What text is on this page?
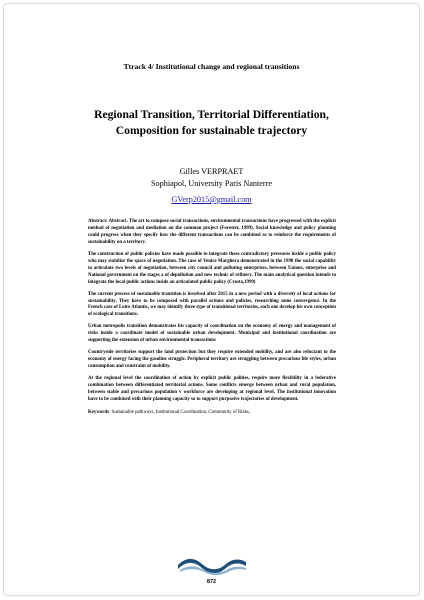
Ttrack 4/ Institutional change and regional transitions
Regional Transition, Territorial Differentiation,
Composition for sustainable trajectory
Gilles VERPRAET
Sophiapol, University Paris Nanterre
GVerp2015@gmail.com

Abstract: Abstract. The art to compose social transactions, environmental transactions have progressed with the explicit method of negotiation and mediation on the common project (Forester, 1999). Social knowledge and policy planning could progress when they specify how the different transactions can be combined so to reinforce the requirements of sustainability on a territory.

The construction of public policies have made possible to integrate these contradictory pressures inside a public policy who may stabilize the space of negotiation. The case of Venice Marghera demonstrated in the 1990 the social capability to articulate two levels of negotiation, between city council and polluting enterprises, between Unions, enterprise and National government on the stages a of depollution and new technic of refinery. The main analytical question intends to integrate the local public actions inside an articulated public policy (Crosta,1999)

The current process of sustainable transition is involved after 2015 in a new period with a diversity of local actions for sustainability. They have to be composed with parallel actions and policies, researching some convergence. In the French case of Loire Atlantic, we may identify three type of transitional territories, each one develop his own conception of ecological transitions.

Urban metropolis transition demonstrates his capacity of coordination on the economy of energy and management of risks inside a coordinate model of sustainable urban development. Municipal and institutional coordination are supporting the extension of urban environmental transactions

Countryside territories support the land protection but they require extended mobility, and are also reluctant to the economy of energy facing the gasoline struggle. Peripheral territory are struggling between precarious life styles, urban consumption and constraint of mobility.

At the regional level the coordination of action by explicit public polities, require more flexibility in a federative combination between differentiated territorial actions. Some conflicts emerge between urban and rural population, between stable and precarious population v workforce are developing at regional level. The institutional innovation have to be combined with their planning capacity so to support purposive trajectories of development.

Keywords: Sustainable pathways, Institutional Coordination, Community of Risks,
872
